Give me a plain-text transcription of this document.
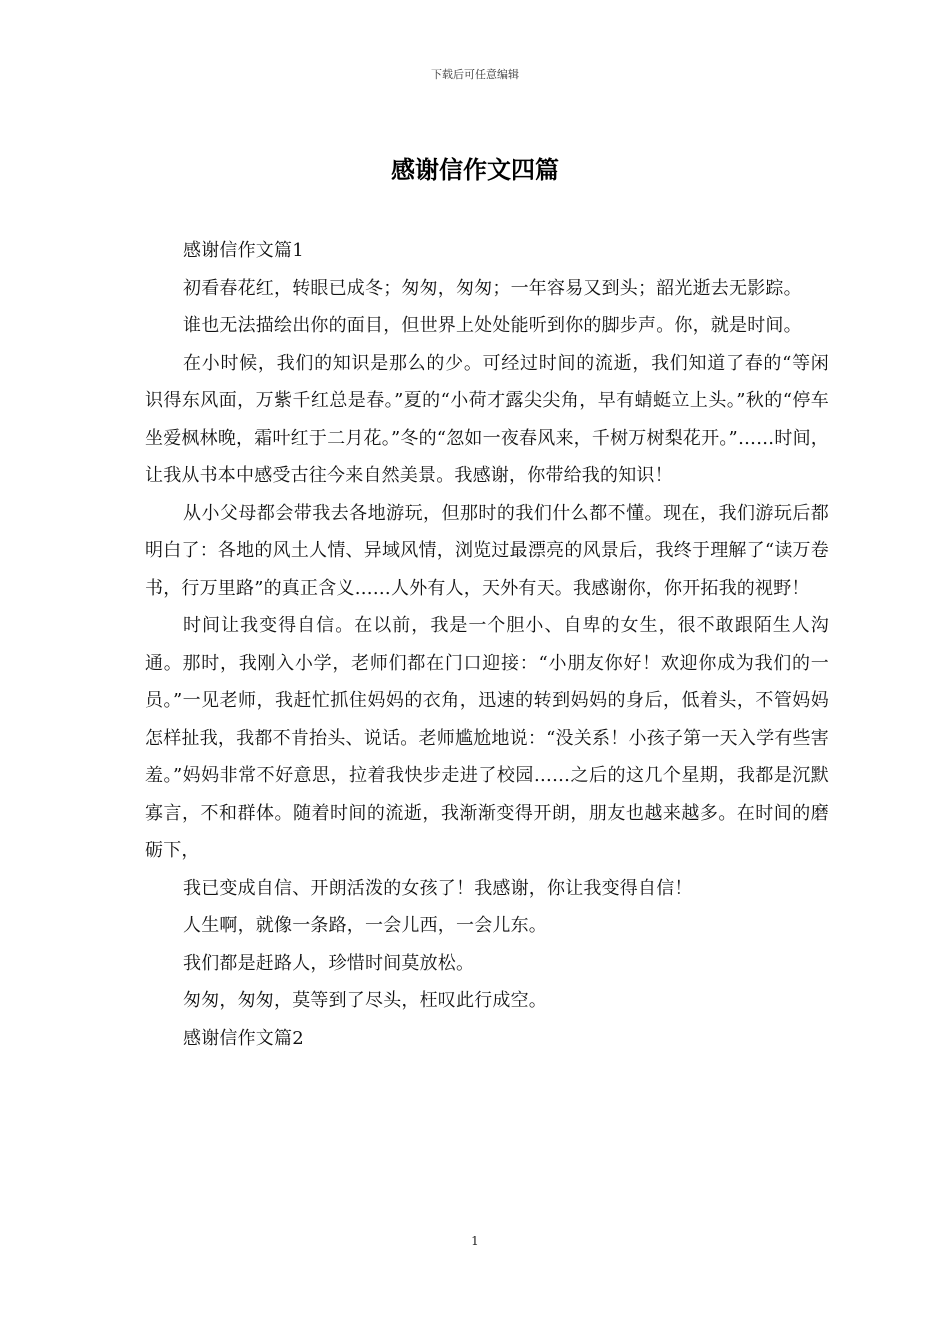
下载后可任意编辑
感谢信作文四篇

感谢信作文篇1

初看春花红，转眼已成冬；匆匆，匆匆；一年容易又到头；韶光逝去无影踪。

谁也无法描绘出你的面目，但世界上处处能听到你的脚步声。你，就是时间。

在小时候，我们的知识是那么的少。可经过时间的流逝，我们知道了春的“等闲识得东风面，万紫千红总是春。”夏的“小荷才露尖尖角，早有蜻蜓立上头。”秋的“停车坐爱枫林晚，霜叶红于二月花。”冬的“忽如一夜春风来，千树万树梨花开。”……时间，让我从书本中感受古往今来自然美景。我感谢，你带给我的知识！

从小父母都会带我去各地游玩，但那时的我们什么都不懂。现在，我们游玩后都明白了：各地的风土人情、异域风情，浏览过最漂亮的风景后，我终于理解了“读万卷书，行万里路”的真正含义……人外有人，天外有天。我感谢你，你开拓我的视野！

时间让我变得自信。在以前，我是一个胆小、自卑的女生，很不敢跟陌生人沟通。那时，我刚入小学，老师们都在门口迎接：“小朋友你好！欢迎你成为我们的一员。”一见老师，我赶忙抓住妈妈的衣角，迅速的转到妈妈的身后，低着头，不管妈妈怎样扯我，我都不肯抬头、说话。老师尴尬地说：“没关系！小孩子第一天入学有些害羞。”妈妈非常不好意思，拉着我快步走进了校园……之后的这几个星期，我都是沉默寡言，不和群体。随着时间的流逝，我渐渐变得开朗，朋友也越来越多。在时间的磨砺下，

我已变成自信、开朗活泼的女孩了！我感谢，你让我变得自信！

人生啊，就像一条路，一会儿西，一会儿东。

我们都是赶路人，珍惜时间莫放松。

匆匆，匆匆，莫等到了尽头，枉叹此行成空。

感谢信作文篇2

1
